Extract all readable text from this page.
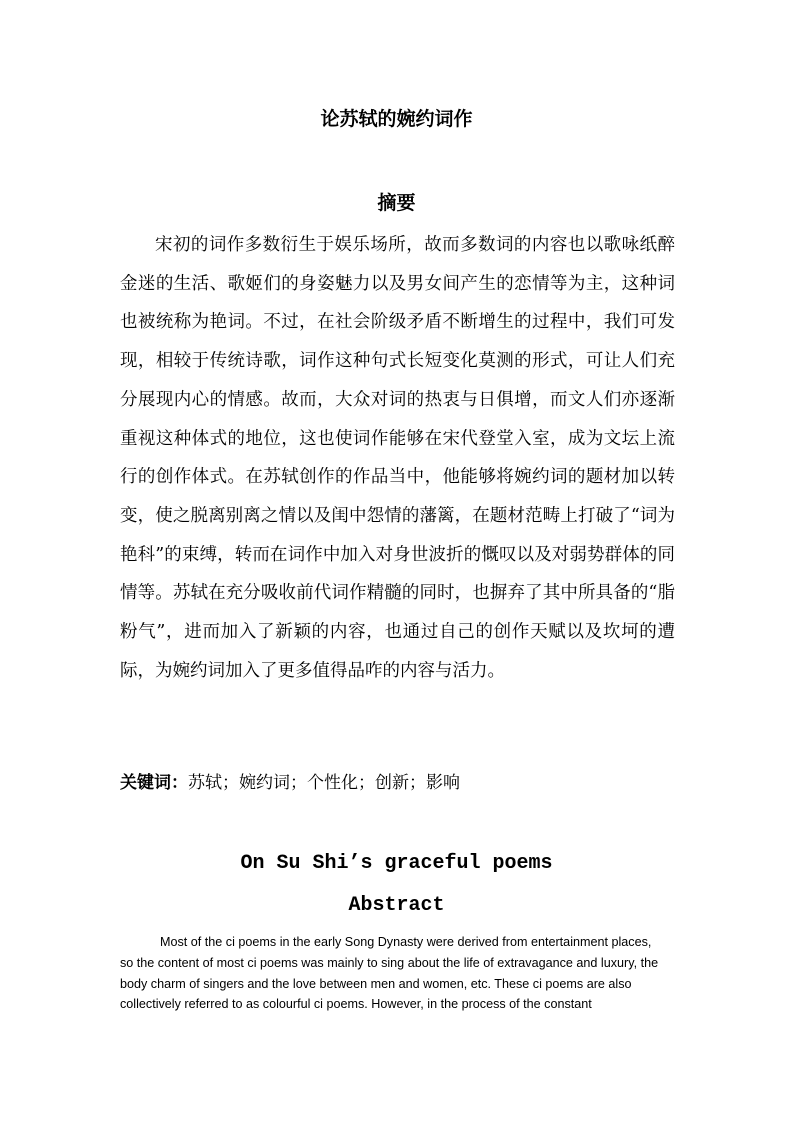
论苏轼的婉约词作
摘要

宋初的词作多数衍生于娱乐场所，故而多数词的内容也以歌咏纸醉金迷的生活、歌姬们的身姿魅力以及男女间产生的恋情等为主，这种词也被统称为艳词。不过，在社会阶级矛盾不断增生的过程中，我们可发现，相较于传统诗歌，词作这种句式长短变化莫测的形式，可让人们充分展现内心的情感。故而，大众对词的热衷与日俱增，而文人们亦逐渐重视这种体式的地位，这也使词作能够在宋代登堂入室，成为文坛上流行的创作体式。在苏轼创作的作品当中，他能够将婉约词的题材加以转变，使之脱离别离之情以及闺中怨情的藩篱，在题材范畴上打破了“词为艳科”的束缚，转而在词作中加入对身世波折的慨叹以及对弱势群体的同情等。苏轼在充分吸收前代词作精髓的同时，也摒弃了其中所具备的“脂粉气”，进而加入了新颖的内容，也通过自己的创作天赋以及坎坷的遭际，为婉约词加入了更多值得品咋的内容与活力。

关键词：苏轼；婉约词；个性化；创新；影响

On Su Shi’s graceful poems
Abstract
Most of the ci poems in the early Song Dynasty were derived from entertainment places,
so the content of most ci poems was mainly to sing about the life of extravagance and luxury, the
body charm of singers and the love between men and women, etc. These ci poems are also
collectively referred to as colourful ci poems. However, in the process of the constant
